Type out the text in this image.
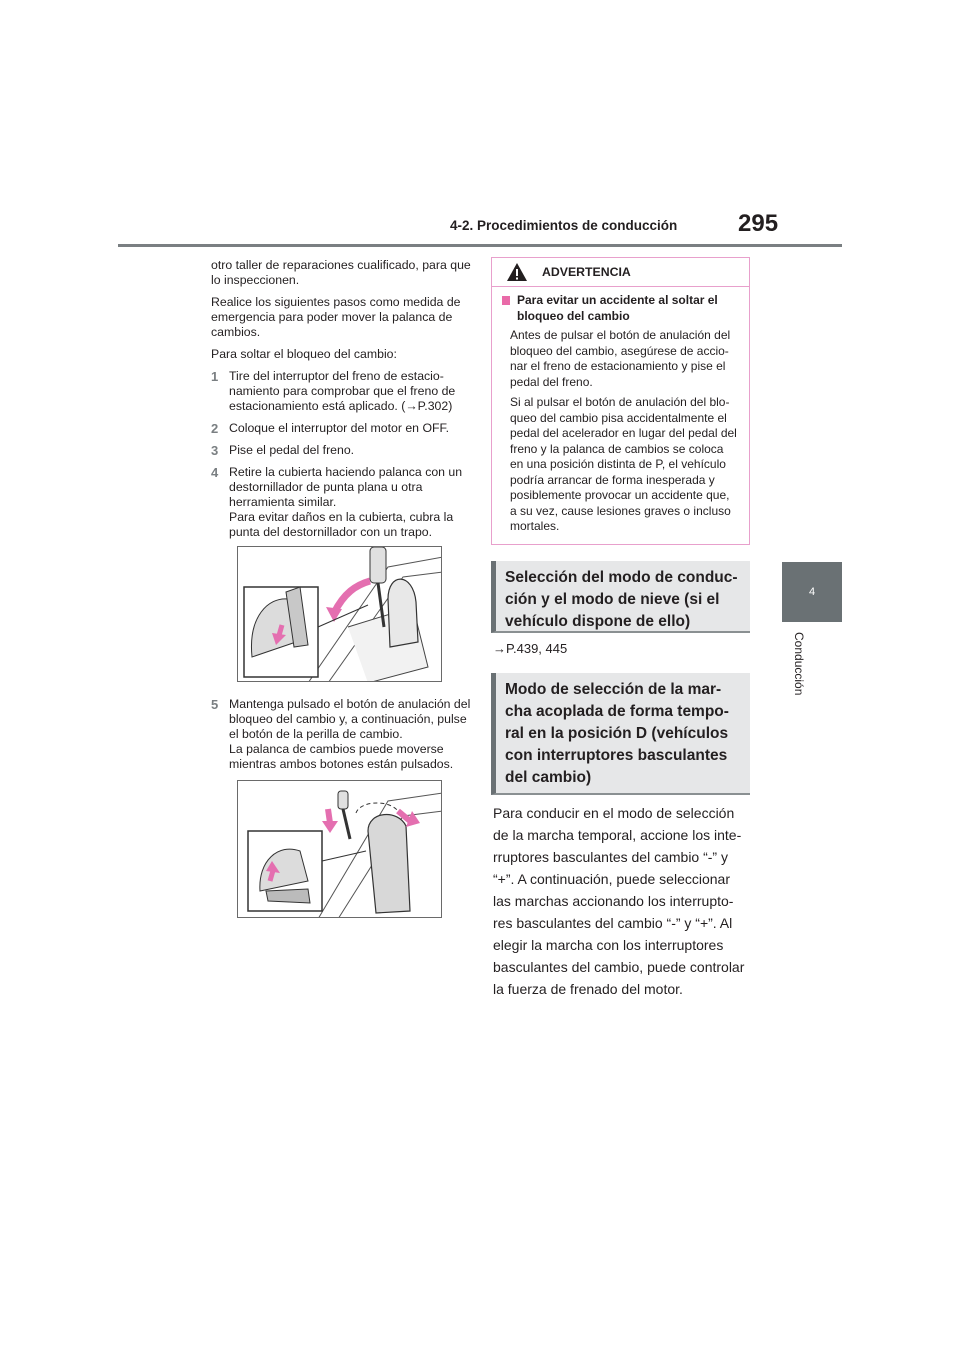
4-2. Procedimientos de conducción	295
4
Conducción

otro taller de reparaciones cualificado, para que lo inspeccionen.

Realice los siguientes pasos como medida de emergencia para poder mover la palanca de cambios.

Para soltar el bloqueo del cambio:

1 Tire del interruptor del freno de estacio-namiento para comprobar que el freno de estacionamiento está aplicado. (→P.302)
2 Coloque el interruptor del motor en OFF.
3 Pise el pedal del freno.
4 Retire la cubierta haciendo palanca con un destornillador de punta plana u otra herramienta similar.
Para evitar daños en la cubierta, cubra la punta del destornillador con un trapo.
5 Mantenga pulsado el botón de anulación del bloqueo del cambio y, a continuación, pulse el botón de la perilla de cambio.
La palanca de cambios puede moverse mientras ambos botones están pulsados.
ADVERTENCIA
Para evitar un accidente al soltar el bloqueo del cambio

Antes de pulsar el botón de anulación del bloqueo del cambio, asegúrese de accio-nar el freno de estacionamiento y pise el pedal del freno.

Si al pulsar el botón de anulación del blo-queo del cambio pisa accidentalmente el pedal del acelerador en lugar del pedal del freno y la palanca de cambios se coloca en una posición distinta de P, el vehículo podría arrancar de forma inesperada y posiblemente provocar un accidente que, a su vez, cause lesiones graves o incluso mortales.

Selección del modo de conduc-ción y el modo de nieve (si el vehículo dispone de ello)
→P.439, 445
Modo de selección de la mar-cha acoplada de forma tempo-ral en la posición D (vehículos con interruptores basculantes del cambio)

Para conducir en el modo de selección de la marcha temporal, accione los inte-rruptores basculantes del cambio “-” y “+”. A continuación, puede seleccionar las marchas accionando los interrupto-res basculantes del cambio “-” y “+”. Al elegir la marcha con los interruptores basculantes del cambio, puede controlar la fuerza de frenado del motor.
